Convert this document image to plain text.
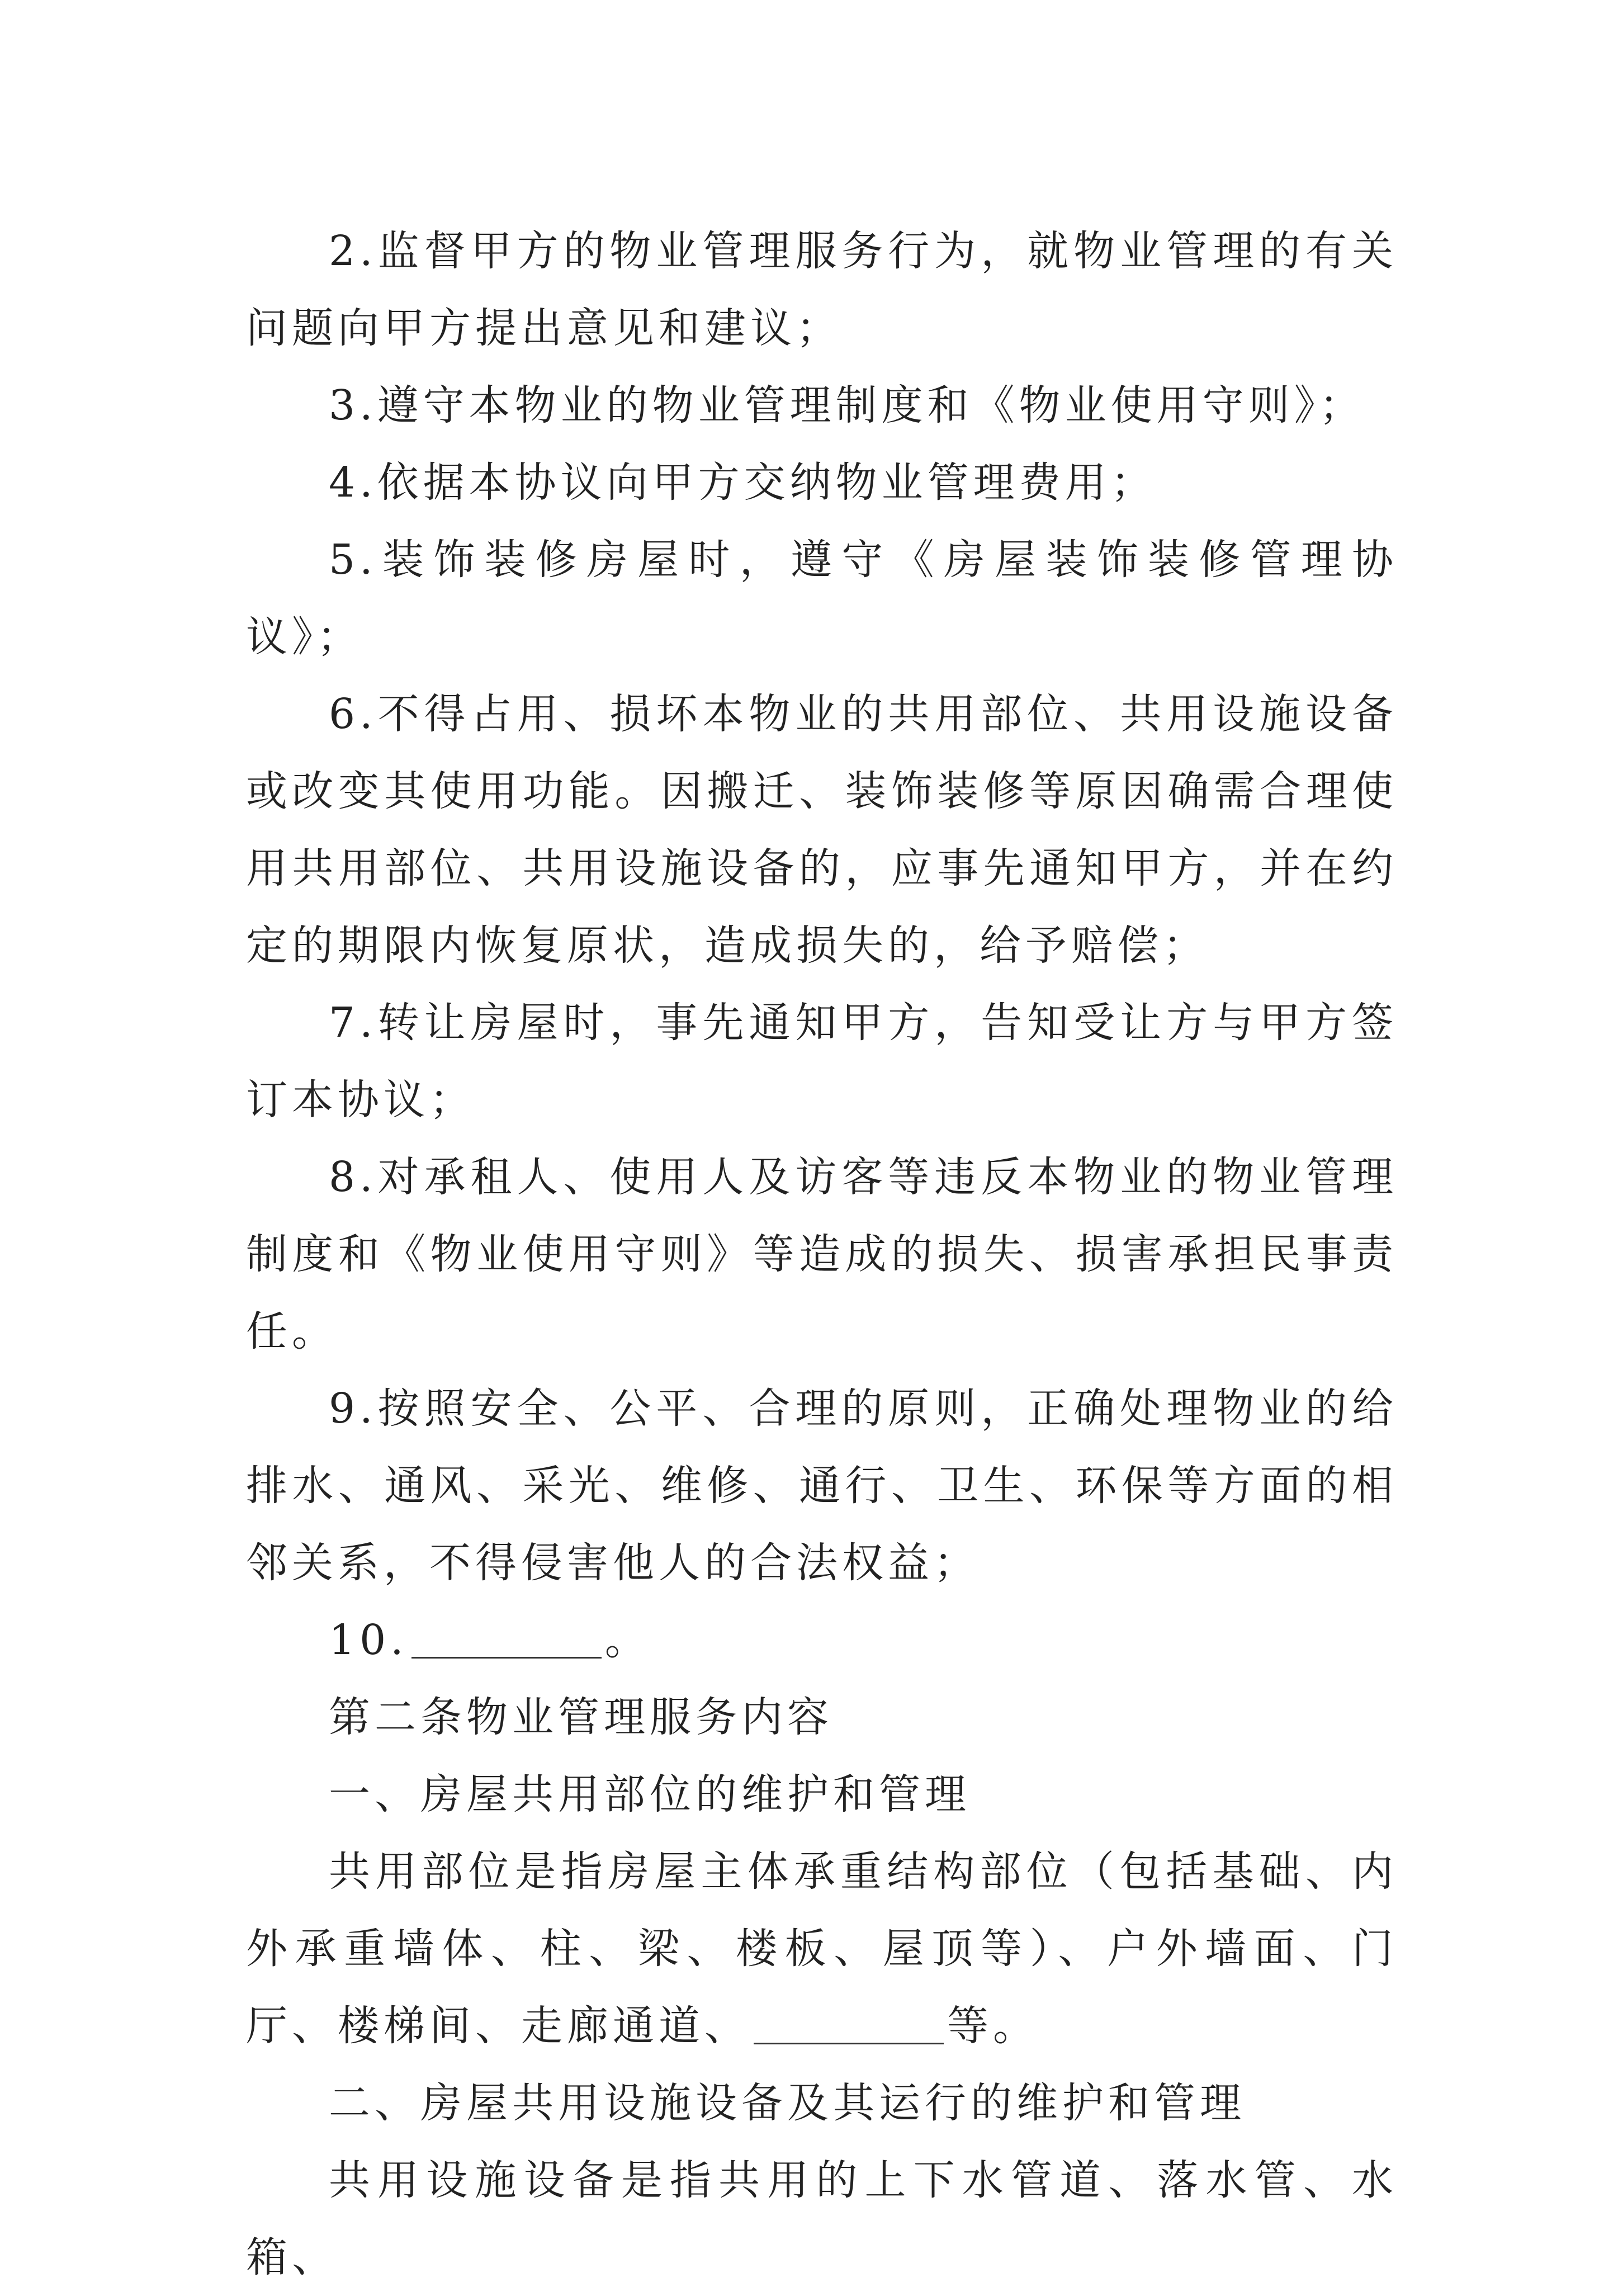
2.监督甲方的物业管理服务行为，就物业管理的有关问题向甲方提出意见和建议；

3.遵守本物业的物业管理制度和《物业使用守则》；

4.依据本协议向甲方交纳物业管理费用；

5.装饰装修房屋时，遵守《房屋装饰装修管理协议》；

6.不得占用、损坏本物业的共用部位、共用设施设备或改变其使用功能。因搬迁、装饰装修等原因确需合理使用共用部位、共用设施设备的，应事先通知甲方，并在约定的期限内恢复原状，造成损失的，给予赔偿；

7.转让房屋时，事先通知甲方，告知受让方与甲方签订本协议；

8.对承租人、使用人及访客等违反本物业的物业管理制度和《物业使用守则》等造成的损失、损害承担民事责任。

9.按照安全、公平、合理的原则，正确处理物业的给排水、通风、采光、维修、通行、卫生、环保等方面的相邻关系，不得侵害他人的合法权益；

10.	。

第二条物业管理服务内容

一、房屋共用部位的维护和管理

共用部位是指房屋主体承重结构部位（包括基础、内外承重墙体、柱、梁、楼板、屋顶等）、户外墙面、门厅、楼梯间、走廊通道、	等。

二、房屋共用设施设备及其运行的维护和管理

共用设施设备是指共用的上下水管道、落水管、水箱、
